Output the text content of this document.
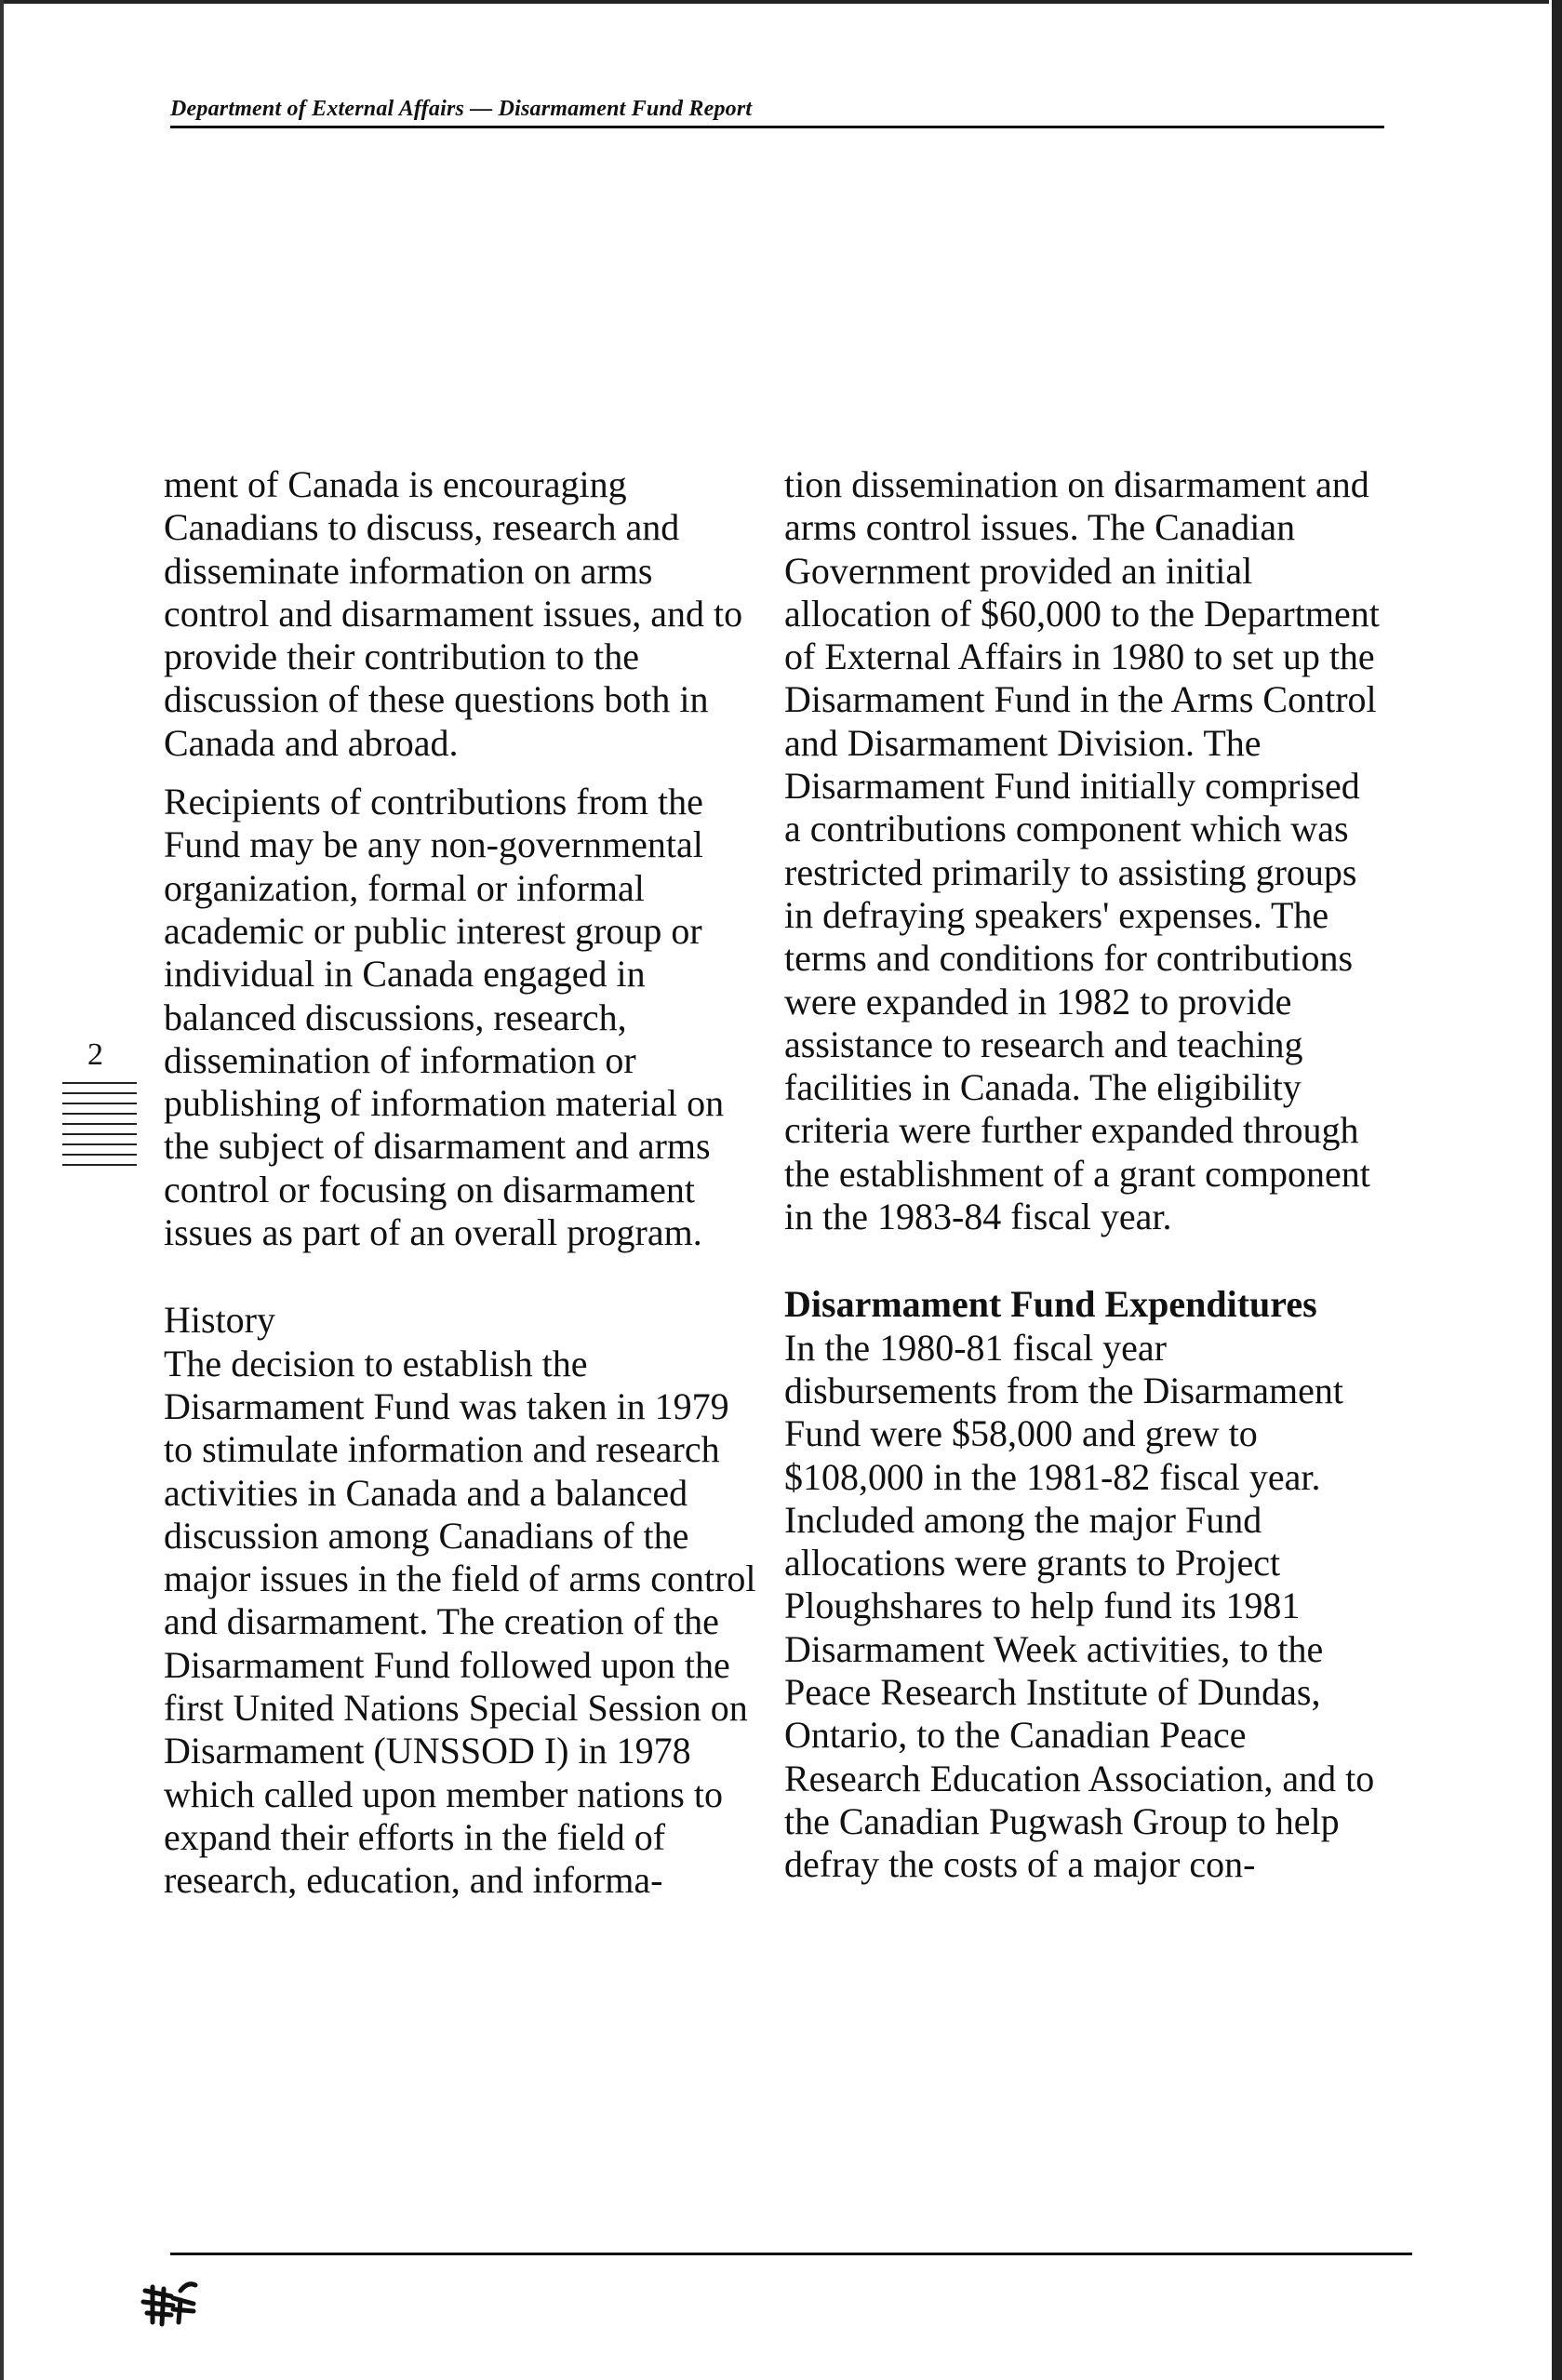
Department of External Affairs — Disarmament Fund Report

ment of Canada is encouraging Canadians to discuss, research and disseminate information on arms control and disarmament issues, and to provide their contribution to the discussion of these questions both in Canada and abroad.

Recipients of contributions from the Fund may be any non-governmental organization, formal or informal academic or public interest group or individual in Canada engaged in balanced discussions, research, dissemination of information or publishing of information material on the subject of disarmament and arms control or focusing on disarmament issues as part of an overall program.

History

The decision to establish the Disarmament Fund was taken in 1979 to stimulate information and research activities in Canada and a balanced discussion among Canadians of the major issues in the field of arms control and disarmament. The creation of the Disarmament Fund followed upon the first United Nations Special Session on Disarmament (UNSSOD I) in 1978 which called upon member nations to expand their efforts in the field of research, education, and informa-

tion dissemination on disarmament and arms control issues. The Canadian Government provided an initial allocation of $60,000 to the Department of External Affairs in 1980 to set up the Disarmament Fund in the Arms Control and Disarmament Division. The Disarmament Fund initially comprised a contributions component which was restricted primarily to assisting groups in defraying speakers' expenses. The terms and conditions for contributions were expanded in 1982 to provide assistance to research and teaching facilities in Canada. The eligibility criteria were further expanded through the establishment of a grant component in the 1983-84 fiscal year.

Disarmament Fund Expenditures

In the 1980-81 fiscal year disbursements from the Disarmament Fund were $58,000 and grew to $108,000 in the 1981-82 fiscal year. Included among the major Fund allocations were grants to Project Ploughshares to help fund its 1981 Disarmament Week activities, to the Peace Research Institute of Dundas, Ontario, to the Canadian Peace Research Education Association, and to the Canadian Pugwash Group to help defray the costs of a major con-

2
